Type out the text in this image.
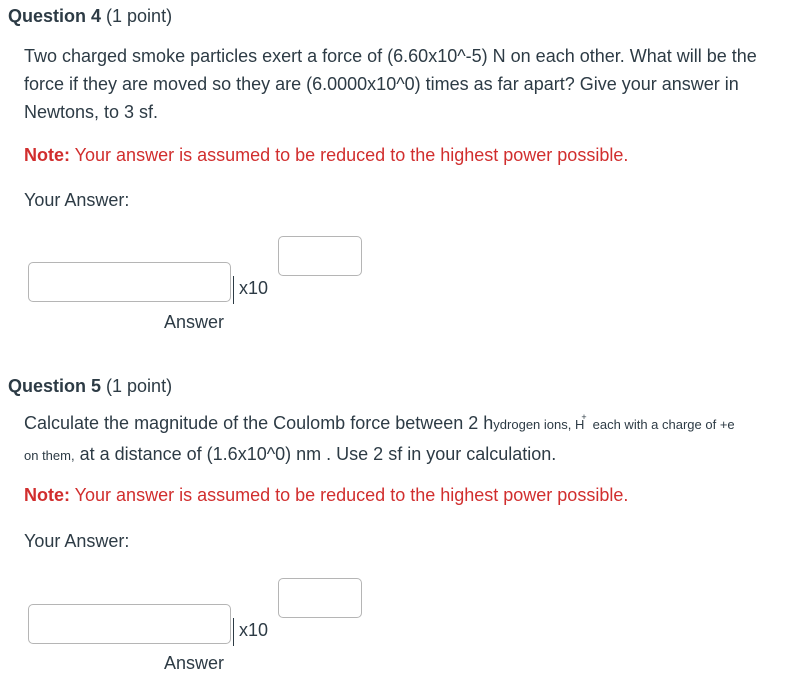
Question 4 (1 point)
Two charged smoke particles exert a force of (6.60x10^-5) N on each other. What will be the force if they are moved so they are (6.0000x10^0) times as far apart? Give your answer in Newtons, to 3 sf.
Note: Your answer is assumed to be reduced to the highest power possible.
Your Answer:
x10
Answer
Question 5 (1 point)
Calculate the magnitude of the Coulomb force between 2 hydrogen ions, H+ each with a charge of +e on them, at a distance of (1.6x10^0) nm . Use 2 sf in your calculation.
Note: Your answer is assumed to be reduced to the highest power possible.
Your Answer:
x10
Answer
